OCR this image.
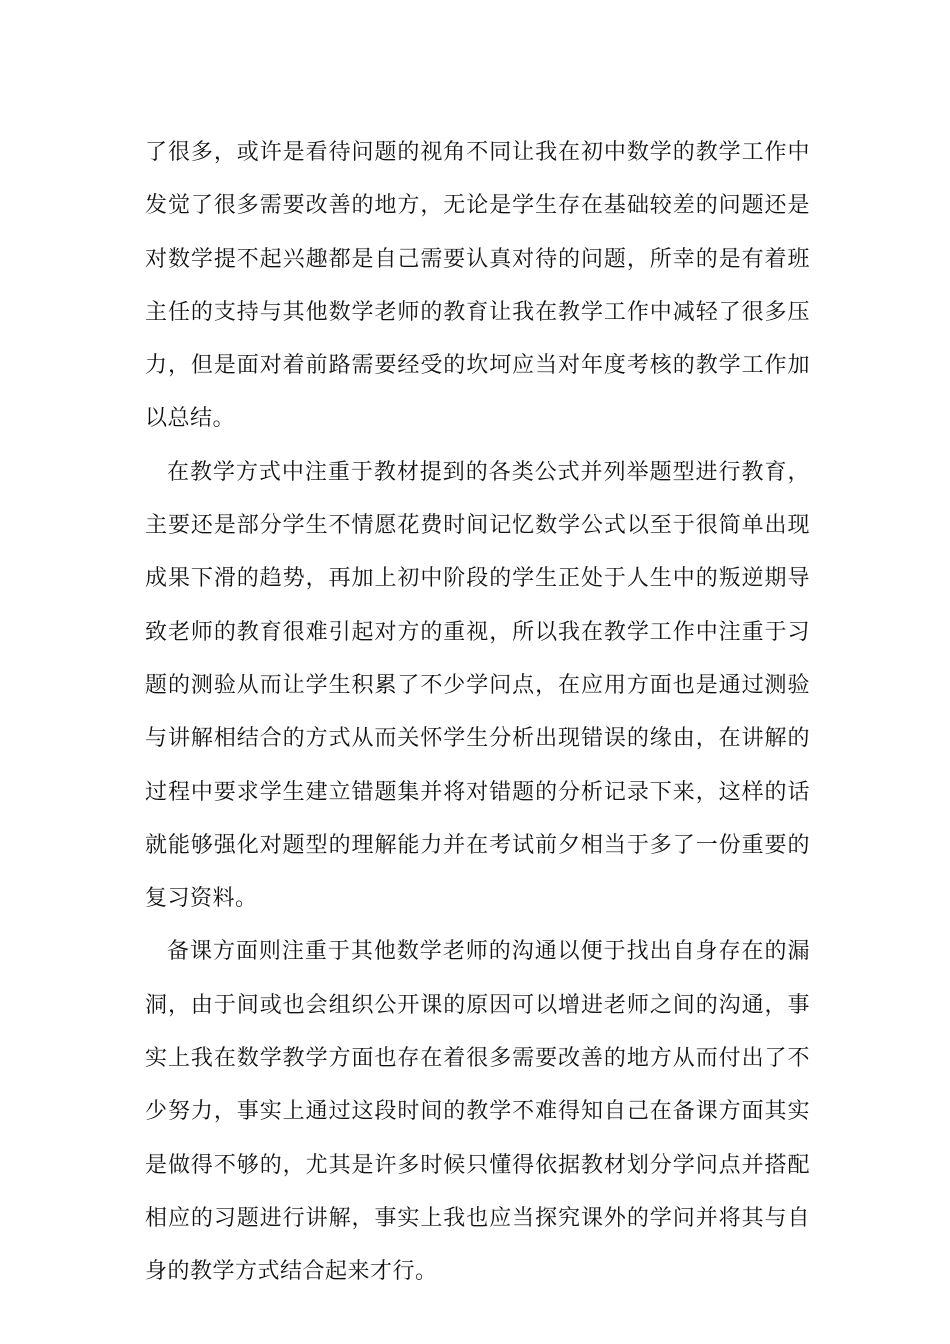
了很多，或许是看待问题的视角不同让我在初中数学的教学工作中发觉了很多需要改善的地方，无论是学生存在基础较差的问题还是对数学提不起兴趣都是自己需要认真对待的问题，所幸的是有着班主任的支持与其他数学老师的教育让我在教学工作中减轻了很多压力，但是面对着前路需要经受的坎坷应当对年度考核的教学工作加以总结。

在教学方式中注重于教材提到的各类公式并列举题型进行教育，主要还是部分学生不情愿花费时间记忆数学公式以至于很简单出现成果下滑的趋势，再加上初中阶段的学生正处于人生中的叛逆期导致老师的教育很难引起对方的重视，所以我在教学工作中注重于习题的测验从而让学生积累了不少学问点，在应用方面也是通过测验与讲解相结合的方式从而关怀学生分析出现错误的缘由，在讲解的过程中要求学生建立错题集并将对错题的分析记录下来，这样的话就能够强化对题型的理解能力并在考试前夕相当于多了一份重要的复习资料。

备课方面则注重于其他数学老师的沟通以便于找出自身存在的漏洞，由于间或也会组织公开课的原因可以增进老师之间的沟通，事实上我在数学教学方面也存在着很多需要改善的地方从而付出了不少努力，事实上通过这段时间的教学不难得知自己在备课方面其实是做得不够的，尤其是许多时候只懂得依据教材划分学问点并搭配相应的习题进行讲解，事实上我也应当探究课外的学问并将其与自身的教学方式结合起来才行。
